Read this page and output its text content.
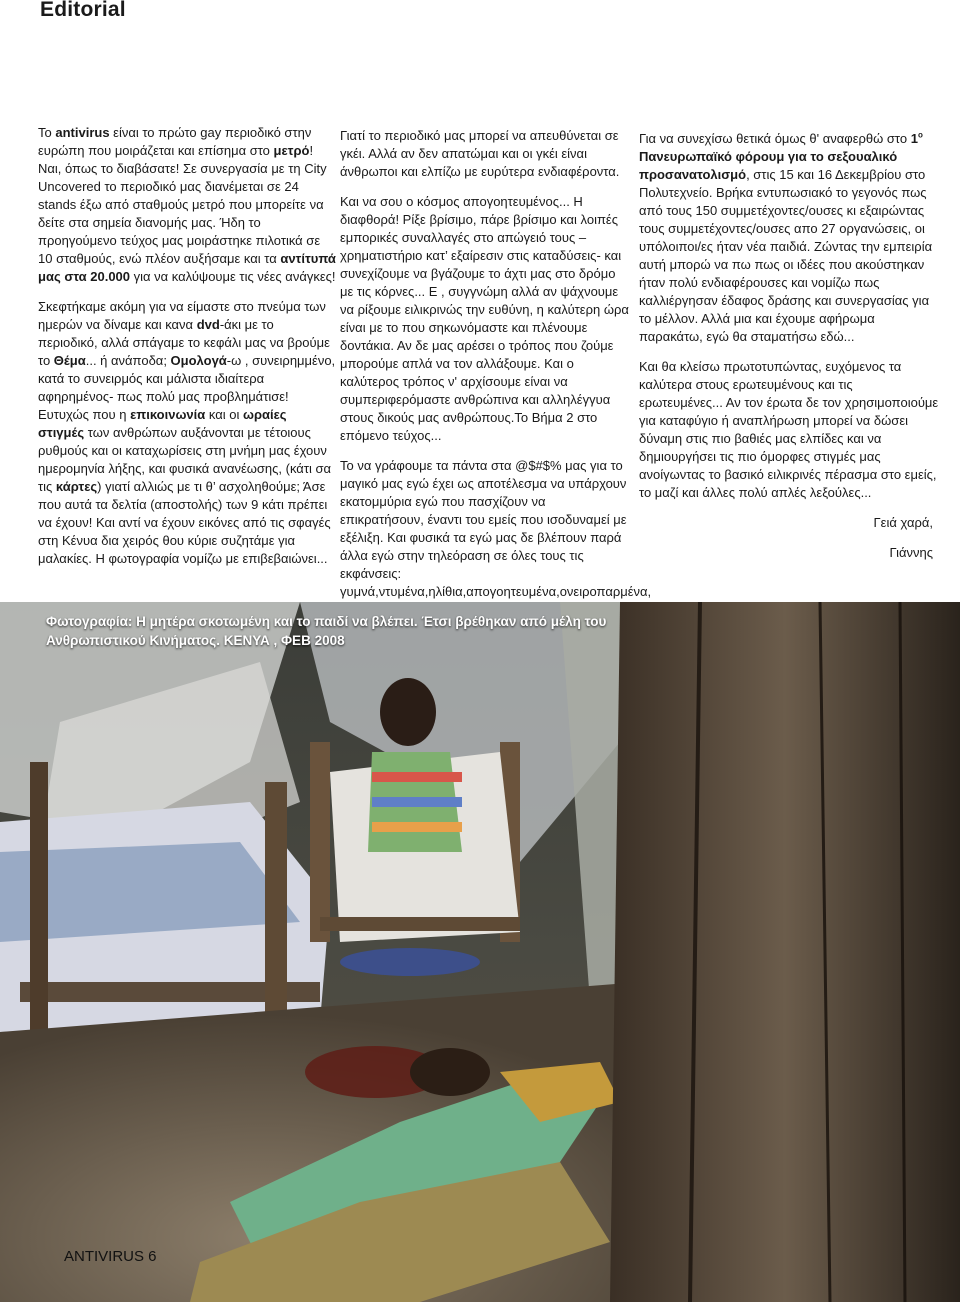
Editorial

Το antivirus είναι το πρώτο gay περιοδικό στην ευρώπη που μοιράζεται και επίσημα στο μετρό! Ναι, όπως το διαβάσατε! Σε συνεργασία με τη City Uncovered το περιοδικό μας διανέμεται σε 24 stands έξω από σταθμούς μετρό που μπορείτε να δείτε στα σημεία διανομής μας. Ήδη το προηγούμενο τεύχος μας μοιράστηκε πιλοτικά σε 10 σταθμούς, ενώ πλέον αυξήσαμε και τα αντίτυπά μας στα 20.000 για να καλύψουμε τις νέες ανάγκες!

Σκεφτήκαμε ακόμη για να είμαστε στο πνεύμα των ημερών να δίναμε και κανα dvd-άκι με το περιοδικό, αλλά σπάγαμε το κεφάλι μας να βρούμε το Θέμα... ή ανάποδα; Ομολογά-ω , συνειρημμένο, κατά το συνειρμός και μάλιστα ιδιαίτερα αφηρημένος- πως πολύ μας προβλημάτισε! Ευτυχώς που η επικοινωνία και οι ωραίες στιγμές των ανθρώπων αυξάνονται με τέτοιους ρυθμούς και οι καταχωρίσεις στη μνήμη μας έχουν ημερομηνία λήξης, και φυσικά ανανέωσης, (κάτι σα τις κάρτες) γιατί αλλιώς με τι θ’ ασχοληθούμε; Άσε που αυτά τα δελτία (αποστολής) των 9 κάτι πρέπει να έχουν! Και αντί να έχουν εικόνες από τις σφαγές στη Κένυα δια χειρός θου κύριε συζητάμε για μαλακίες. Η φωτογραφία νομίζω με επιβεβαιώνει...

Γιατί το περιοδικό μας μπορεί να απευθύνεται σε γκέι. Αλλά αν δεν απατώμαι και οι γκέι είναι άνθρωποι και ελπίζω με ευρύτερα ενδιαφέροντα.

Και να σου ο κόσμος απογοητευμένος... Η διαφθορά! Ρίξε βρίσιμο, πάρε βρίσιμο και λοιπές εμπορικές συναλλαγές στο απώγειό τους – χρηματιστήριο κατ’ εξαίρεσιν στις καταδύσεις- και συνεχίζουμε να βγάζουμε το άχτι μας στο δρόμο με τις κόρνες... Ε , συγγνώμη αλλά αν ψάχνουμε να ρίξουμε ειλικρινώς την ευθύνη, η καλύτερη ώρα είναι με το που σηκωνόμαστε και πλένουμε δοντάκια. Αν δε μας αρέσει ο τρόπος που ζούμε μπορούμε απλά να τον αλλάξουμε. Και ο καλύτερος τρόπος ν' αρχίσουμε είναι να συμπεριφερόμαστε ανθρώπινα και αλληλέγγυα στους δικούς μας ανθρώπους.Το Βήμα 2 στο επόμενο τεύχος...

Το να γράφουμε τα πάντα στα @$#$% μας για το μαγικό μας εγώ έχει ως αποτέλεσμα να υπάρχουν εκατομμύρια εγώ που πασχίζουν να επικρατήσουν, έναντι του εμείς που ισοδυναμεί με εξέλιξη. Και φυσικά τα εγώ μας δε βλέπουν παρά άλλα εγώ στην τηλεόραση σε όλες τους τις εκφάνσεις: γυμνά,ντυμένα,ηλίθια,απογοητευμένα,ονειροπαρμένα,

Για να συνεχίσω θετικά όμως θ' αναφερθώ στο $1^o$ Πανευρωπαϊκό φόρουμ για το σεξουαλικό προσανατολισμό, στις 15 και 16 Δεκεμβρίου στο Πολυτεχνείο. Βρήκα εντυπωσιακό το γεγονός πως από τους 150 συμμετέχοντες/ουσες κι εξαιρώντας τους συμμετέχοντες/ουσες απο 27 οργανώσεις, οι υπόλοιποι/ες ήταν νέα παιδιά. Ζώντας την εμπειρία αυτή μπορώ να πω πως οι ιδέες που ακούστηκαν ήταν πολύ ενδιαφέρουσες και νομίζω πως καλλιέργησαν έδαφος δράσης και συνεργασίας για το μέλλον. Αλλά μια και έχουμε αφήρωμα παρακάτω, εγώ θα σταματήσω εδώ...

Και θα κλείσω πρωτοτυπώντας, ευχόμενος τα καλύτερα στους ερωτευμένους και τις ερωτευμένες... Αν τον έρωτα δε τον χρησιμοποιούμε για καταφύγιο ή αναπλήρωση μπορεί να δώσει δύναμη στις πιο βαθιές μας ελπίδες και να δημιουργήσει τις πιο όμορφες στιγμές μας ανοίγωντας το βασικό ειλικρινές πέρασμα στο εμείς, το μαζί και άλλες πολύ απλές λεξούλες...

Γειά χαρά,

Γιάννης

Φωτογραφία: Η μητέρα σκοτωμένη και το παιδί να βλέπει. Έτσι βρέθηκαν από μέλη του Ανθρωπιστικού Κινήματος. ΚΕΝΥΑ , ΦΕΒ 2008
ANTIVIRUS 6
